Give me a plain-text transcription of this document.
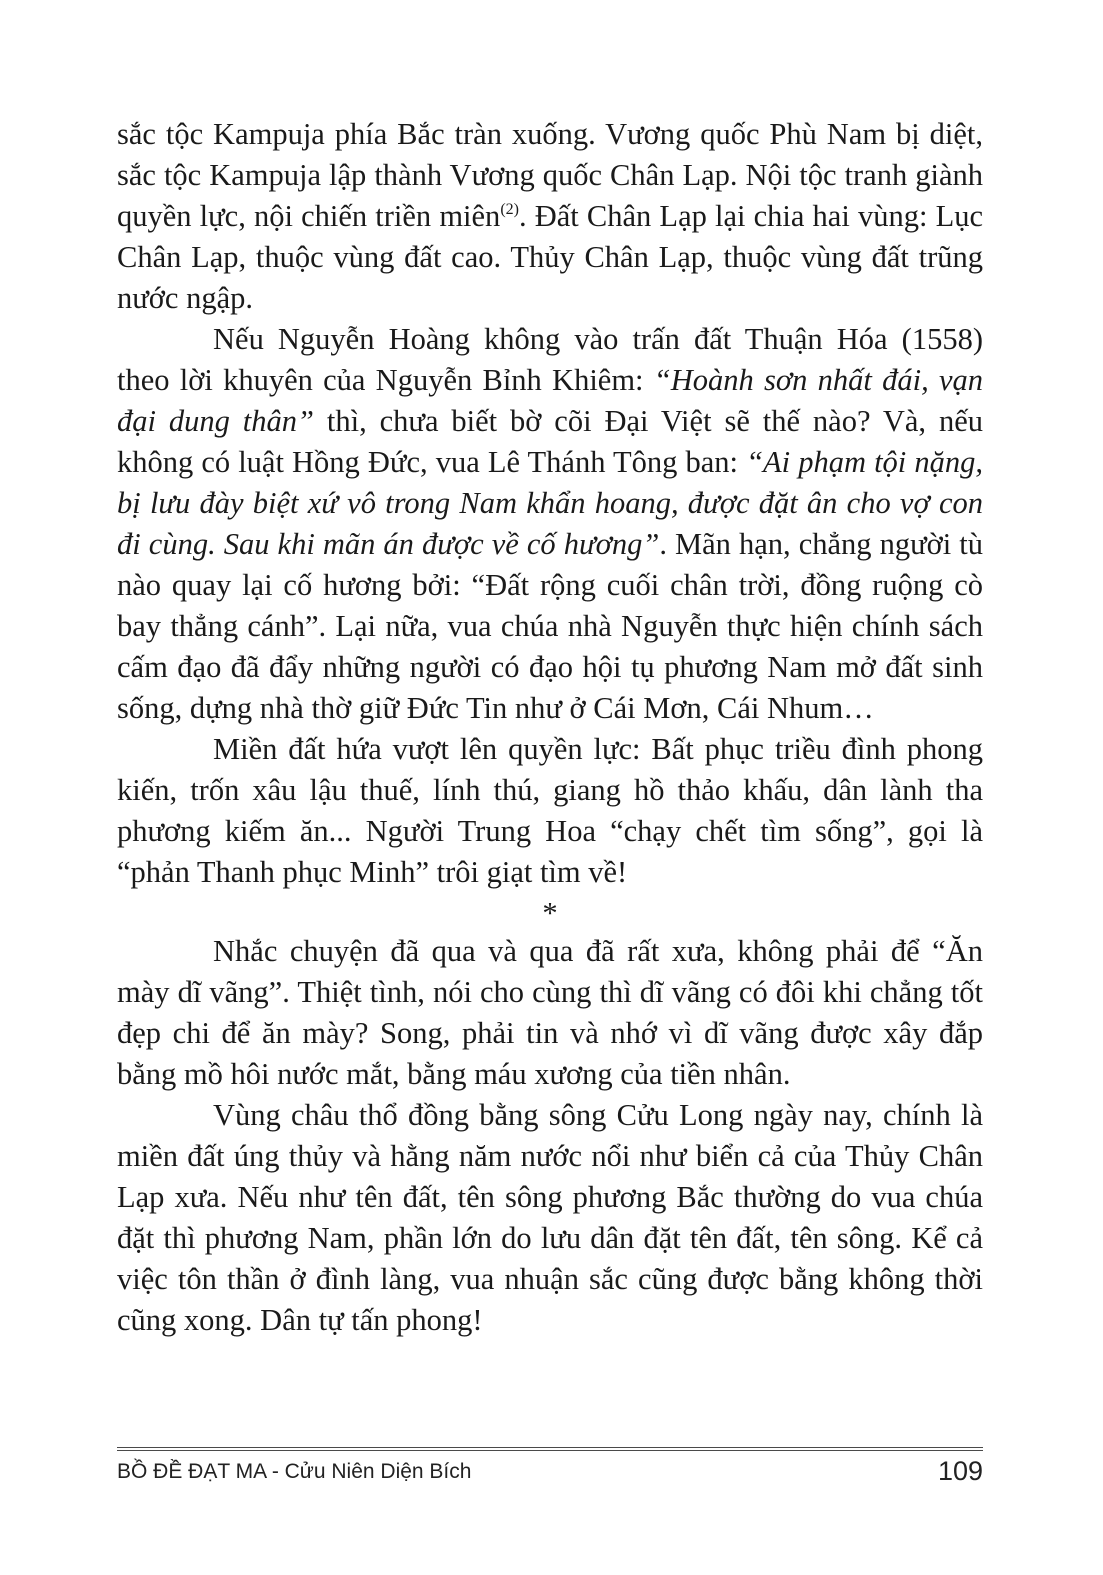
sắc tộc Kampuja phía Bắc tràn xuống. Vương quốc Phù Nam bị diệt, sắc tộc Kampuja lập thành Vương quốc Chân Lạp. Nội tộc tranh giành quyền lực, nội chiến triền miên$^{(2)}$. Đất Chân Lạp lại chia hai vùng: Lục Chân Lạp, thuộc vùng đất cao. Thủy Chân Lạp, thuộc vùng đất trũng nước ngập.

Nếu Nguyễn Hoàng không vào trấn đất Thuận Hóa (1558) theo lời khuyên của Nguyễn Bỉnh Khiêm: “Hoành sơn nhất đái, vạn đại dung thân” thì, chưa biết bờ cõi Đại Việt sẽ thế nào? Và, nếu không có luật Hồng Đức, vua Lê Thánh Tông ban: “Ai phạm tội nặng, bị lưu đày biệt xứ vô trong Nam khẩn hoang, được đặt ân cho vợ con đi cùng. Sau khi mãn án được về cố hương”. Mãn hạn, chẳng người tù nào quay lại cố hương bởi: “Đất rộng cuối chân trời, đồng ruộng cò bay thẳng cánh”. Lại nữa, vua chúa nhà Nguyễn thực hiện chính sách cấm đạo đã đẩy những người có đạo hội tụ phương Nam mở đất sinh sống, dựng nhà thờ giữ Đức Tin như ở Cái Mơn, Cái Nhum…

Miền đất hứa vượt lên quyền lực: Bất phục triều đình phong kiến, trốn xâu lậu thuế, lính thú, giang hồ thảo khấu, dân lành tha phương kiếm ăn... Người Trung Hoa “chạy chết tìm sống”, gọi là “phản Thanh phục Minh” trôi giạt tìm về!

*

Nhắc chuyện đã qua và qua đã rất xưa, không phải để “Ăn mày dĩ vãng”. Thiệt tình, nói cho cùng thì dĩ vãng có đôi khi chẳng tốt đẹp chi để ăn mày? Song, phải tin và nhớ vì dĩ vãng được xây đắp bằng mồ hôi nước mắt, bằng máu xương của tiền nhân.

Vùng châu thổ đồng bằng sông Cửu Long ngày nay, chính là miền đất úng thủy và hằng năm nước nổi như biển cả của Thủy Chân Lạp xưa. Nếu như tên đất, tên sông phương Bắc thường do vua chúa đặt thì phương Nam, phần lớn do lưu dân đặt tên đất, tên sông. Kể cả việc tôn thần ở đình làng, vua nhuận sắc cũng được bằng không thời cũng xong. Dân tự tấn phong!

BỒ ĐỀ ĐẠT MA - Cửu Niên Diện Bích	109
